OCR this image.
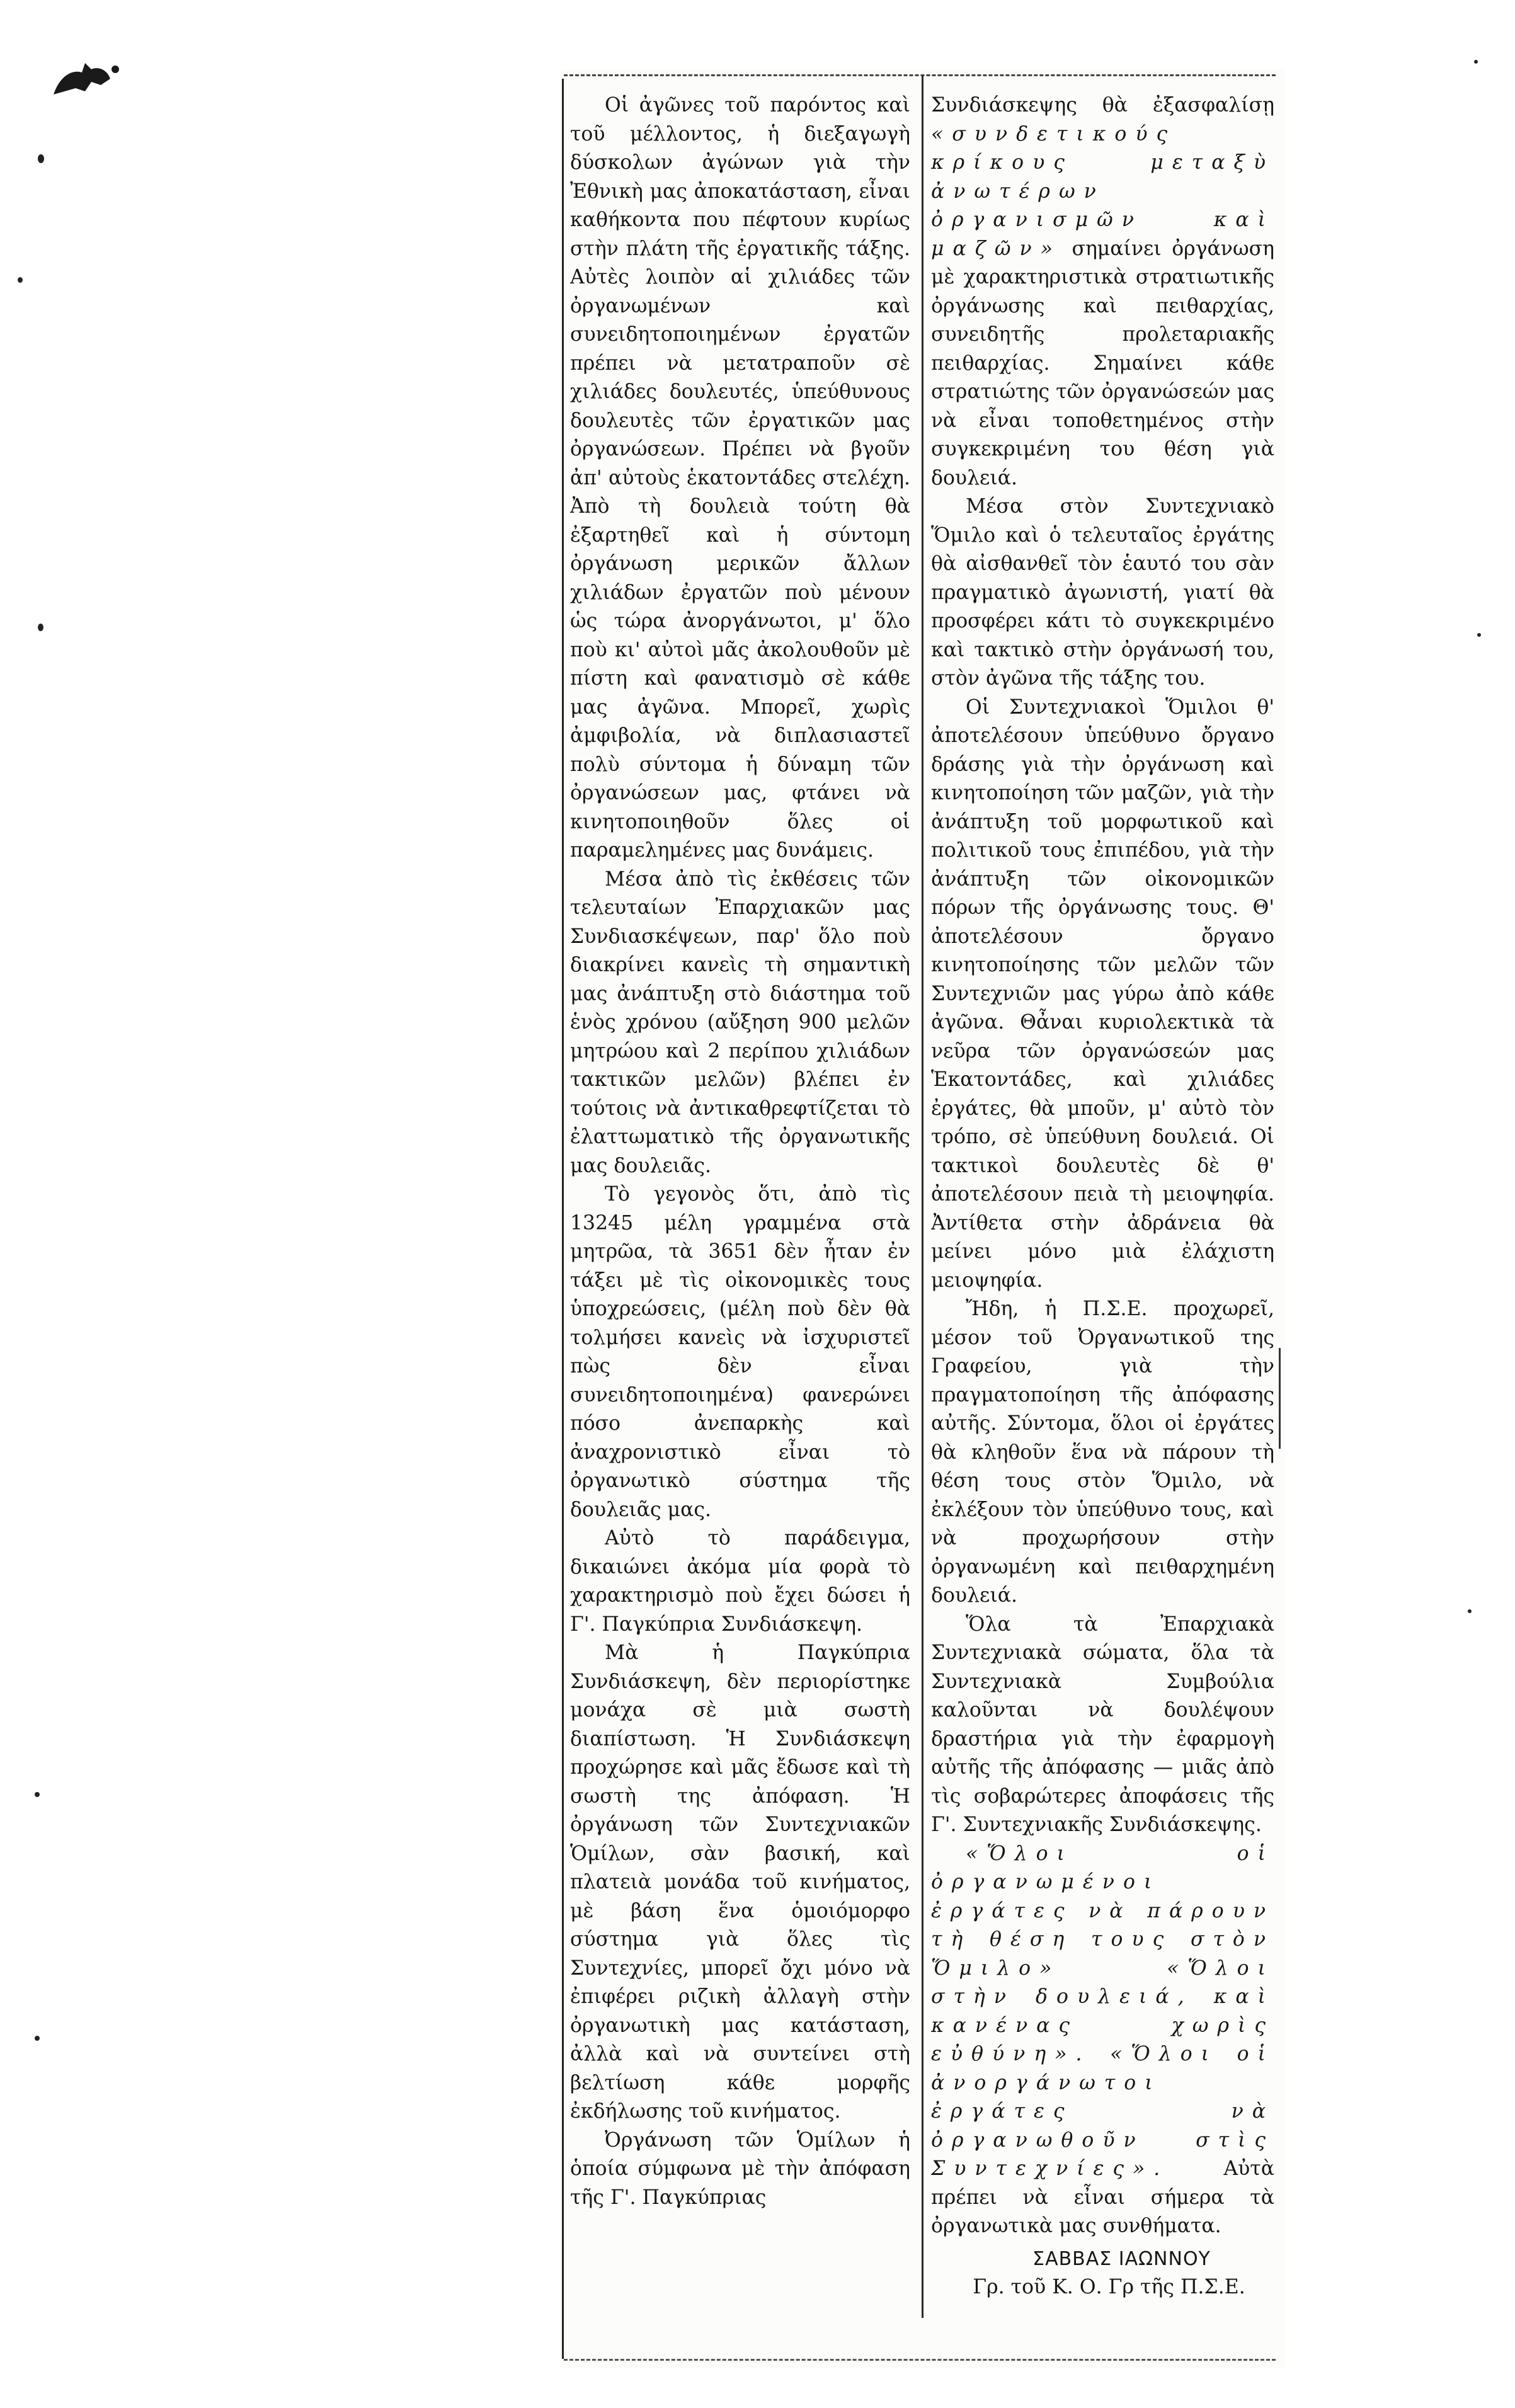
Οἱ ἀγῶνες τοῦ παρόντος καὶ τοῦ μέλλοντος, ἡ διεξαγωγὴ δύσκολων ἀγώνων γιὰ τὴν Ἐθνικὴ μας ἀποκατάσταση, εἶναι καθήκοντα που πέφτουν κυρίως στὴν πλάτη τῆς ἐργατικῆς τάξης. Αὐτὲς λοιπὸν αἱ χιλιάδες τῶν ὀργανωμένων καὶ συνειδητοποιημένων ἐργατῶν πρέπει νὰ μετατραποῦν σὲ χιλιάδες δουλευτές, ὑπεύθυνους δουλευτὲς τῶν ἐργατικῶν μας ὀργανώσεων. Πρέπει νὰ βγοῦν ἀπ' αὐτοὺς ἑκατοντάδες στελέχη. Ἀπὸ τὴ δουλειὰ τούτη θὰ ἐξαρτηθεῖ καὶ ἡ σύντομη ὀργάνωση μερικῶν ἄλλων χιλιάδων ἐργατῶν ποὺ μένουν ὡς τώρα ἀνοργάνωτοι, μ' ὅλο ποὺ κι' αὐτοὶ μᾶς ἀκολουθοῦν μὲ πίστη καὶ φανατισμὸ σὲ κάθε μας ἀγῶνα. Μπορεῖ, χωρὶς ἀμφιβολία, νὰ διπλασιαστεῖ πολὺ σύντομα ἡ δύναμη τῶν ὀργανώσεων μας, φτάνει νὰ κινητοποιηθοῦν ὅλες οἱ παραμελημένες μας δυνάμεις.

Μέσα ἀπὸ τὶς ἐκθέσεις τῶν τελευταίων Ἐπαρχιακῶν μας Συνδιασκέψεων, παρ' ὅλο ποὺ διακρίνει κανεὶς τὴ σημαντικὴ μας ἀνάπτυξη στὸ διάστημα τοῦ ἑνὸς χρόνου (αὔξηση 900 μελῶν μητρώου καὶ 2 περίπου χιλιάδων τακτικῶν μελῶν) βλέπει ἐν τούτοις νὰ ἀντικαθρεφτίζεται τὸ ἐλαττωματικὸ τῆς ὀργανωτικῆς μας δουλειᾶς.

Τὸ γεγονὸς ὅτι, ἀπὸ τὶς 13245 μέλη γραμμένα στὰ μητρῶα, τὰ 3651 δὲν ἦταν ἐν τάξει μὲ τὶς οἰκονομικὲς τους ὑποχρεώσεις, (μέλη ποὺ δὲν θὰ τολμήσει κανεὶς νὰ ἰσχυριστεῖ πὼς δὲν εἶναι συνειδητοποιημένα) φανερώνει πόσο ἀνεπαρκὴς καὶ ἀναχρονιστικὸ εἶναι τὸ ὀργανωτικὸ σύστημα τῆς δουλειᾶς μας.

Αὐτὸ τὸ παράδειγμα, δικαιώνει ἀκόμα μία φορὰ τὸ χαρακτηρισμὸ ποὺ ἔχει δώσει ἡ Γ'. Παγκύπρια Συνδιάσκεψη.

Μὰ ἡ Παγκύπρια Συνδιάσκεψη, δὲν περιορίστηκε μονάχα σὲ μιὰ σωστὴ διαπίστωση. Ἡ Συνδιάσκεψη προχώρησε καὶ μᾶς ἔδωσε καὶ τὴ σωστὴ της ἀπόφαση. Ἡ ὀργάνωση τῶν Συντεχνιακῶν Ὁμίλων, σὰν βασική, καὶ πλατειὰ μονάδα τοῦ κινήματος, μὲ βάση ἕνα ὁμοιόμορφο σύστημα γιὰ ὅλες τὶς Συντεχνίες, μπορεῖ ὄχι μόνο νὰ ἐπιφέρει ριζικὴ ἀλλαγὴ στὴν ὀργανωτικὴ μας κατάσταση, ἀλλὰ καὶ νὰ συντείνει στὴ βελτίωση κάθε μορφῆς ἐκδήλωσης τοῦ κινήματος.

Ὀργάνωση τῶν Ὁμίλων ἡ ὁποία σύμφωνα μὲ τὴν ἀπόφαση τῆς Γ'. Παγκύπριας

Συνδιάσκεψης θὰ ἐξασφαλίσῃ «συνδετικούς κρίκους μεταξὺ ἀνωτέρων ὀργανισμῶν καὶ μαζῶν» σημαίνει ὀργάνωση μὲ χαρακτηριστικὰ στρατιωτικῆς ὀργάνωσης καὶ πειθαρχίας, συνειδητῆς προλεταριακῆς πειθαρχίας. Σημαίνει κάθε στρατιώτης τῶν ὀργανώσεών μας νὰ εἶναι τοποθετημένος στὴν συγκεκριμένη του θέση γιὰ δουλειά.

Μέσα στὸν Συντεχνιακὸ Ὅμιλο καὶ ὁ τελευταῖος ἐργάτης θὰ αἰσθανθεῖ τὸν ἑαυτό του σὰν πραγματικὸ ἀγωνιστή, γιατί θὰ προσφέρει κάτι τὸ συγκεκριμένο καὶ τακτικὸ στὴν ὀργάνωσή του, στὸν ἀγῶνα τῆς τάξης του.

Οἱ Συντεχνιακοὶ Ὅμιλοι θ' ἀποτελέσουν ὑπεύθυνο ὄργανο δράσης γιὰ τὴν ὀργάνωση καὶ κινητοποίηση τῶν μαζῶν, γιὰ τὴν ἀνάπτυξη τοῦ μορφωτικοῦ καὶ πολιτικοῦ τους ἐπιπέδου, γιὰ τὴν ἀνάπτυξη τῶν οἰκονομικῶν πόρων τῆς ὀργάνωσης τους. Θ' ἀποτελέσουν ὄργανο κινητοποίησης τῶν μελῶν τῶν Συντεχνιῶν μας γύρω ἀπὸ κάθε ἀγῶνα. Θἆναι κυριολεκτικὰ τὰ νεῦρα τῶν ὀργανώσεών μας Ἑκατοντάδες, καὶ χιλιάδες ἐργάτες, θὰ μποῦν, μ' αὐτὸ τὸν τρόπο, σὲ ὑπεύθυνη δουλειά. Οἱ τακτικοὶ δουλευτὲς δὲ θ' ἀποτελέσουν πειὰ τὴ μειοψηφία. Ἀντίθετα στὴν ἀδράνεια θὰ μείνει μόνο μιὰ ἐλάχιστη μειοψηφία.

Ἤδη, ἡ Π.Σ.Ε. προχωρεῖ, μέσον τοῦ Ὀργανωτικοῦ της Γραφείου, γιὰ τὴν πραγματοποίηση τῆς ἀπόφασης αὐτῆς. Σύντομα, ὅλοι οἱ ἐργάτες θὰ κληθοῦν ἕνα νὰ πάρουν τὴ θέση τους στὸν Ὅμιλο, νὰ ἐκλέξουν τὸν ὑπεύθυνο τους, καὶ νὰ προχωρήσουν στὴν ὀργανωμένη καὶ πειθαρχημένη δουλειά.

Ὅλα τὰ Ἐπαρχιακὰ Συντεχνιακὰ σώματα, ὅλα τὰ Συντεχνιακὰ Συμβούλια καλοῦνται νὰ δουλέψουν δραστήρια γιὰ τὴν ἐφαρμογὴ αὐτῆς τῆς ἀπόφασης — μιᾶς ἀπὸ τὶς σοβαρώτερες ἀποφάσεις τῆς Γ'. Συντεχνιακῆς Συνδιάσκεψης.

«Ὅλοι οἱ ὀργανωμένοι ἐργάτες νὰ πάρουν τὴ θέση τους στὸν Ὅμιλο» «Ὅλοι στὴν δουλειά, καὶ κανένας χωρὶς εὐθύνη». «Ὅλοι οἱ ἀνοργάνωτοι ἐργάτες νὰ ὀργανωθοῦν στὶς Συντεχνίες».	Αὐτὰ πρέπει νὰ εἶναι σήμερα τὰ ὀργανωτικὰ μας συνθήματα.

ΣΑΒΒΑΣ ΙΑΩΝΝΟΥ
Γρ. τοῦ Κ. Ο. Γρ τῆς Π.Σ.Ε.
